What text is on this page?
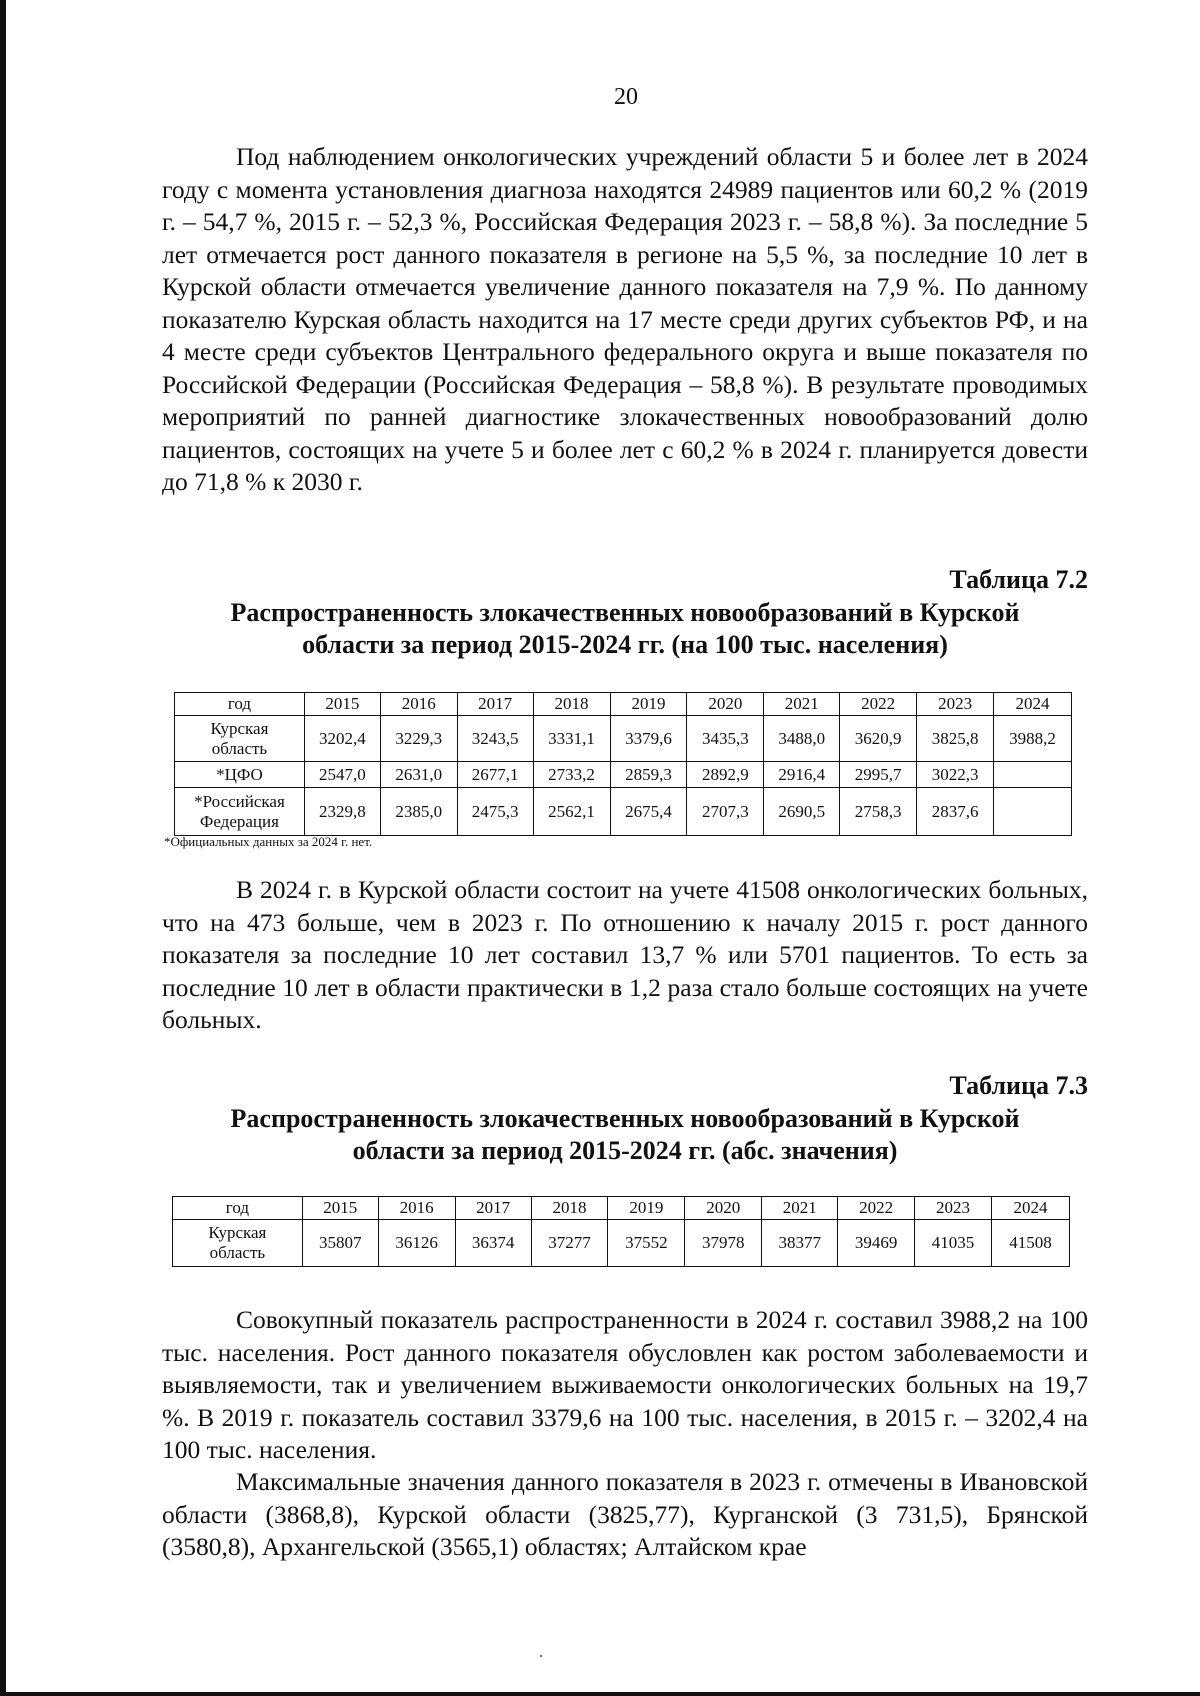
20

Под наблюдением онкологических учреждений области 5 и более лет в 2024 году с момента установления диагноза находятся 24989 пациентов или 60,2 % (2019 г. – 54,7 %, 2015 г. – 52,3 %, Российская Федерация 2023 г. – 58,8 %). За последние 5 лет отмечается рост данного показателя в регионе на 5,5 %, за последние 10 лет в Курской области отмечается увеличение данного показателя на 7,9 %. По данному показателю Курская область находится на 17 месте среди других субъектов РФ, и на 4 месте среди субъектов Центрального федерального округа и выше показателя по Российской Федерации (Российская Федерация – 58,8 %). В результате проводимых мероприятий по ранней диагностике злокачественных новообразований долю пациентов, состоящих на учете 5 и более лет с 60,2 % в 2024 г. планируется довести до 71,8 % к 2030 г.

Таблица 7.2

Распространенность злокачественных новообразований в Курской
области за период 2015-2024 гг. (на 100 тыс. населения)

год	2015	2016	2017	2018	2019	2020	2021	2022	2023	2024
Курская
область	3202,4	3229,3	3243,5	3331,1	3379,6	3435,3	3488,0	3620,9	3825,8	3988,2
*ЦФО	2547,0	2631,0	2677,1	2733,2	2859,3	2892,9	2916,4	2995,7	3022,3	
*Российская
Федерация	2329,8	2385,0	2475,3	2562,1	2675,4	2707,3	2690,5	2758,3	2837,6	
*Официальных данных за 2024 г. нет.

В 2024 г. в Курской области состоит на учете 41508 онкологических больных, что на 473 больше, чем в 2023 г. По отношению к началу 2015 г. рост данного показателя за последние 10 лет составил 13,7 % или 5701 пациентов. То есть за последние 10 лет в области практически в 1,2 раза стало больше состоящих на учете больных.

Таблица 7.3

Распространенность злокачественных новообразований в Курской
области за период 2015-2024 гг. (абс. значения)

год	2015	2016	2017	2018	2019	2020	2021	2022	2023	2024
Курская
область	35807	36126	36374	37277	37552	37978	38377	39469	41035	41508

Совокупный показатель распространенности в 2024 г. составил 3988,2 на 100 тыс. населения. Рост данного показателя обусловлен как ростом заболеваемости и выявляемости, так и увеличением выживаемости онкологических больных на 19,7 %. В 2019 г. показатель составил 3379,6 на 100 тыс. населения, в 2015 г. – 3202,4 на 100 тыс. населения.

Максимальные значения данного показателя в 2023 г. отмечены в Ивановской области (3868,8), Курской области (3825,77), Курганской (3 731,5), Брянской (3580,8), Архангельской (3565,1) областях; Алтайском крае
